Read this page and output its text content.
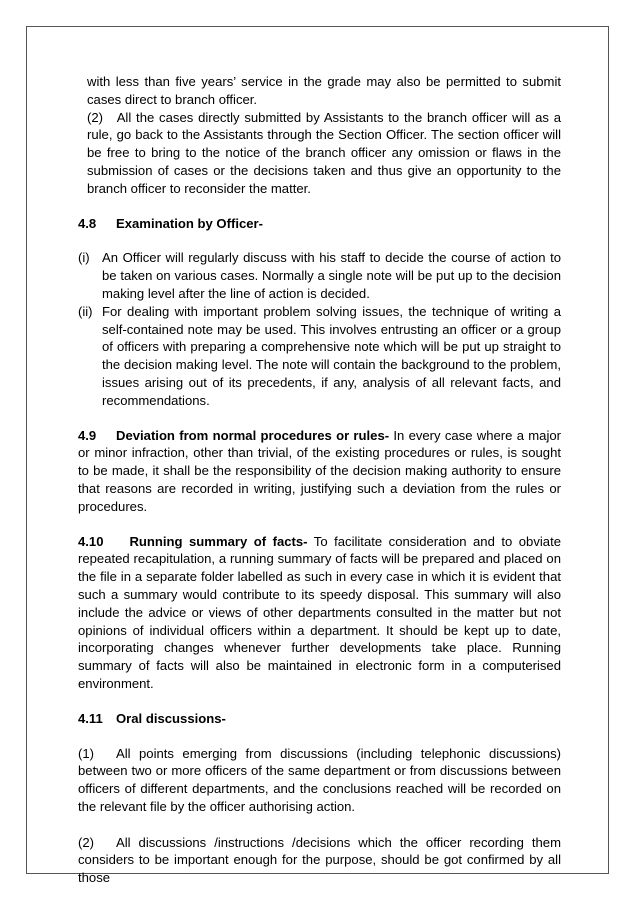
with less than five years’ service in the grade may also be permitted to submit cases direct to branch officer.

(2) All the cases directly submitted by Assistants to the branch officer will as a rule, go back to the Assistants through the Section Officer. The section officer will be free to bring to the notice of the branch officer any omission or flaws in the submission of cases or the decisions taken and thus give an opportunity to the branch officer to reconsider the matter.

4.8 Examination by Officer-

(i) An Officer will regularly discuss with his staff to decide the course of action to be taken on various cases. Normally a single note will be put up to the decision making level after the line of action is decided.
(ii) For dealing with important problem solving issues, the technique of writing a self-contained note may be used. This involves entrusting an officer or a group of officers with preparing a comprehensive note which will be put up straight to the decision making level. The note will contain the background to the problem, issues arising out of its precedents, if any, analysis of all relevant facts, and recommendations.

4.9 Deviation from normal procedures or rules- In every case where a major or minor infraction, other than trivial, of the existing procedures or rules, is sought to be made, it shall be the responsibility of the decision making authority to ensure that reasons are recorded in writing, justifying such a deviation from the rules or procedures.

4.10 Running summary of facts- To facilitate consideration and to obviate repeated recapitulation, a running summary of facts will be prepared and placed on the file in a separate folder labelled as such in every case in which it is evident that such a summary would contribute to its speedy disposal. This summary will also include the advice or views of other departments consulted in the matter but not opinions of individual officers within a department. It should be kept up to date, incorporating changes whenever further developments take place. Running summary of facts will also be maintained in electronic form in a computerised environment.

4.11 Oral discussions-

(1) All points emerging from discussions (including telephonic discussions) between two or more officers of the same department or from discussions between officers of different departments, and the conclusions reached will be recorded on the relevant file by the officer authorising action.

(2) All discussions /instructions /decisions which the officer recording them considers to be important enough for the purpose, should be got confirmed by all those
